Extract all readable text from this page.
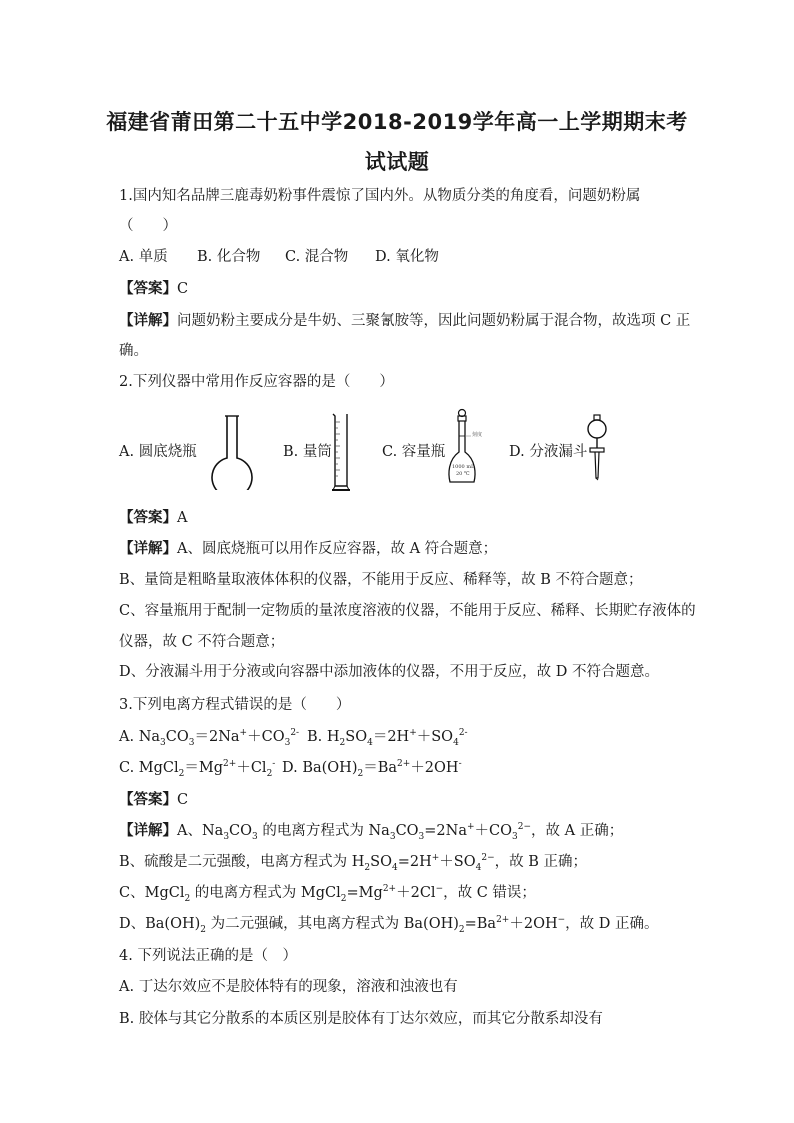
福建省莆田第二十五中学2018-2019学年高一上学期期末考
试试题
1.国内知名品牌三鹿毒奶粉事件震惊了国内外。从物质分类的角度看，问题奶粉属
（　　）
A. 单质 B. 化合物 C. 混合物 D. 氧化物
【答案】C
【详解】问题奶粉主要成分是牛奶、三聚氰胺等，因此问题奶粉属于混合物，故选项 C 正
确。
2.下列仪器中常用作反应容器的是（　　）
A. 圆底烧瓶	B. 量筒	C. 容量瓶
刻度
1000 mL
20 ℃
D. 分液漏斗
【答案】A
【详解】A、圆底烧瓶可以用作反应容器，故 A 符合题意；
B、量筒是粗略量取液体体积的仪器，不能用于反应、稀释等，故 B 不符合题意；
C、容量瓶用于配制一定物质的量浓度溶液的仪器，不能用于反应、稀释、长期贮存液体的
仪器，故 C 不符合题意；
D、分液漏斗用于分液或向容器中添加液体的仪器，不用于反应，故 D 不符合题意。
3.下列电离方程式错误的是（　　）
A. $Na_3CO_3=2Na^++CO_3^{2-}$ B. $H_2SO_4=2H^++SO_4^{2-}$
C. $MgCl_2=Mg^{2+}+Cl_2^-$ D. $Ba(OH)_2=Ba^{2+}+2OH^-$
【答案】C
【详解】A、$Na_3CO_3$ 的电离方程式为 $Na_3CO_3=2Na^++CO_3^{2-}$，故 A 正确；
B、硫酸是二元强酸，电离方程式为 $H_2SO_4=2H^++SO_4^{2-}$，故 B 正确；
C、MgCl$_2$ 的电离方程式为 $MgCl_2=Mg^{2+}+2Cl^-$，故 C 错误；
D、$Ba(OH)_2$ 为二元强碱，其电离方程式为 $Ba(OH)_2=Ba^{2+}+2OH^-$，故 D 正确。
4. 下列说法正确的是（　）
A. 丁达尔效应不是胶体特有的现象，溶液和浊液也有
B. 胶体与其它分散系的本质区别是胶体有丁达尔效应，而其它分散系却没有
